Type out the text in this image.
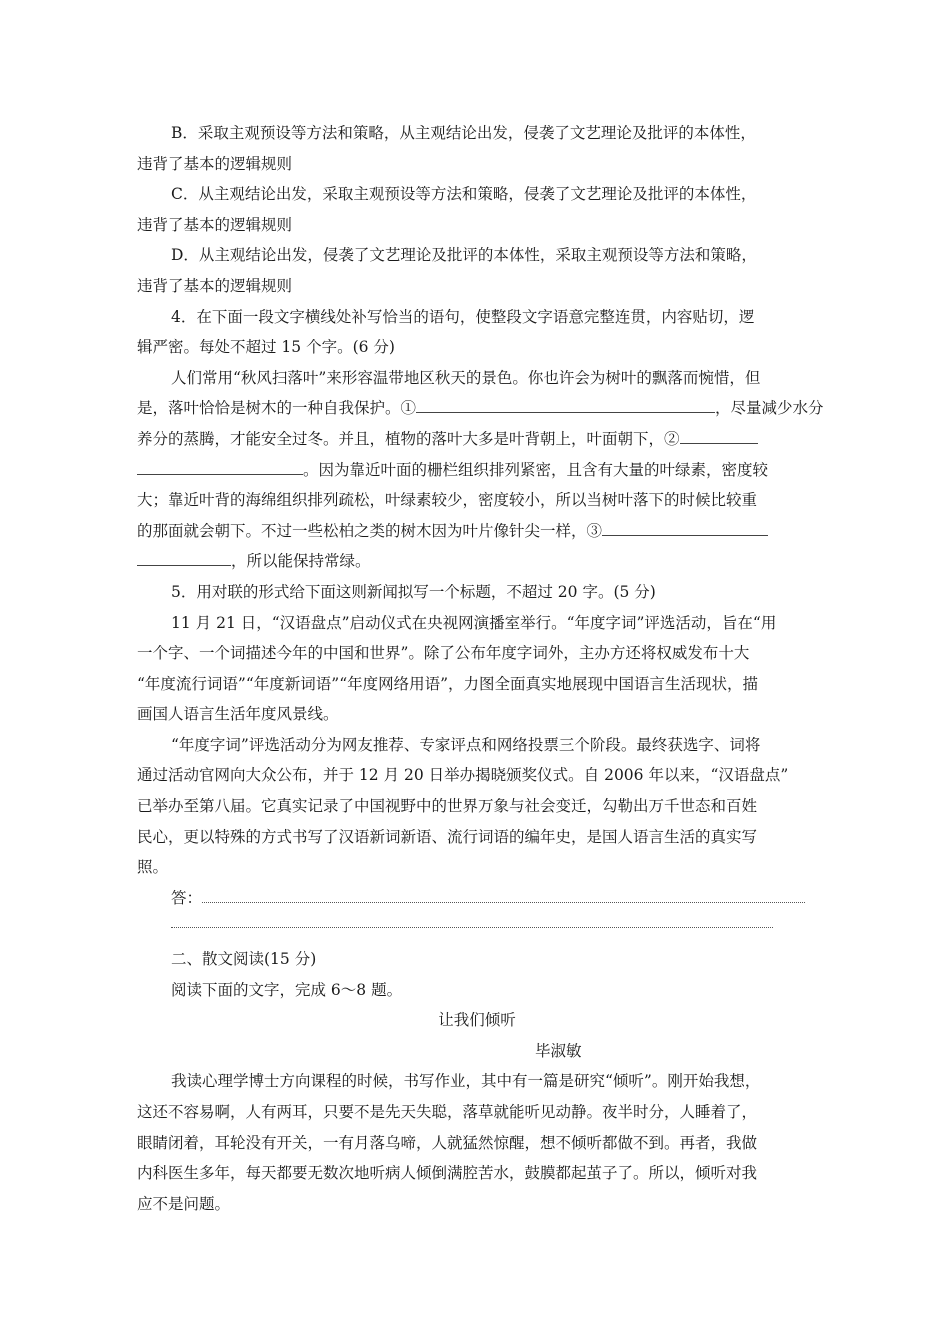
B．采取主观预设等方法和策略，从主观结论出发，侵袭了文艺理论及批评的本体性，
违背了基本的逻辑规则
C．从主观结论出发，采取主观预设等方法和策略，侵袭了文艺理论及批评的本体性，
违背了基本的逻辑规则
D．从主观结论出发，侵袭了文艺理论及批评的本体性，采取主观预设等方法和策略，
违背了基本的逻辑规则
4．在下面一段文字横线处补写恰当的语句，使整段文字语意完整连贯，内容贴切，逻
辑严密。每处不超过 15 个字。(6 分)
人们常用“秋风扫落叶”来形容温带地区秋天的景色。你也许会为树叶的飘落而惋惜，但
是，落叶恰恰是树木的一种自我保护。①	，尽量减少水分
养分的蒸腾，才能安全过冬。并且，植物的落叶大多是叶背朝上，叶面朝下，②
。因为靠近叶面的栅栏组织排列紧密，且含有大量的叶绿素，密度较
大；靠近叶背的海绵组织排列疏松，叶绿素较少，密度较小，所以当树叶落下的时候比较重
的那面就会朝下。不过一些松柏之类的树木因为叶片像针尖一样，③
，所以能保持常绿。
5．用对联的形式给下面这则新闻拟写一个标题，不超过 20 字。(5 分)
11 月 21 日，“汉语盘点”启动仪式在央视网演播室举行。“年度字词”评选活动，旨在“用
一个字、一个词描述今年的中国和世界”。除了公布年度字词外，主办方还将权威发布十大
“年度流行词语”“年度新词语”“年度网络用语”，力图全面真实地展现中国语言生活现状，描
画国人语言生活年度风景线。
“年度字词”评选活动分为网友推荐、专家评点和网络投票三个阶段。最终获选字、词将
通过活动官网向大众公布，并于 12 月 20 日举办揭晓颁奖仪式。自 2006 年以来，“汉语盘点”
已举办至第八届。它真实记录了中国视野中的世界万象与社会变迁，勾勒出万千世态和百姓
民心，更以特殊的方式书写了汉语新词新语、流行词语的编年史，是国人语言生活的真实写
照。
答：
二、散文阅读(15 分)
阅读下面的文字，完成 6～8 题。
让我们倾听
毕淑敏
我读心理学博士方向课程的时候，书写作业，其中有一篇是研究“倾听”。刚开始我想，
这还不容易啊，人有两耳，只要不是先天失聪，落草就能听见动静。夜半时分，人睡着了，
眼睛闭着，耳轮没有开关，一有月落乌啼，人就猛然惊醒，想不倾听都做不到。再者，我做
内科医生多年，每天都要无数次地听病人倾倒满腔苦水，鼓膜都起茧子了。所以，倾听对我
应不是问题。
